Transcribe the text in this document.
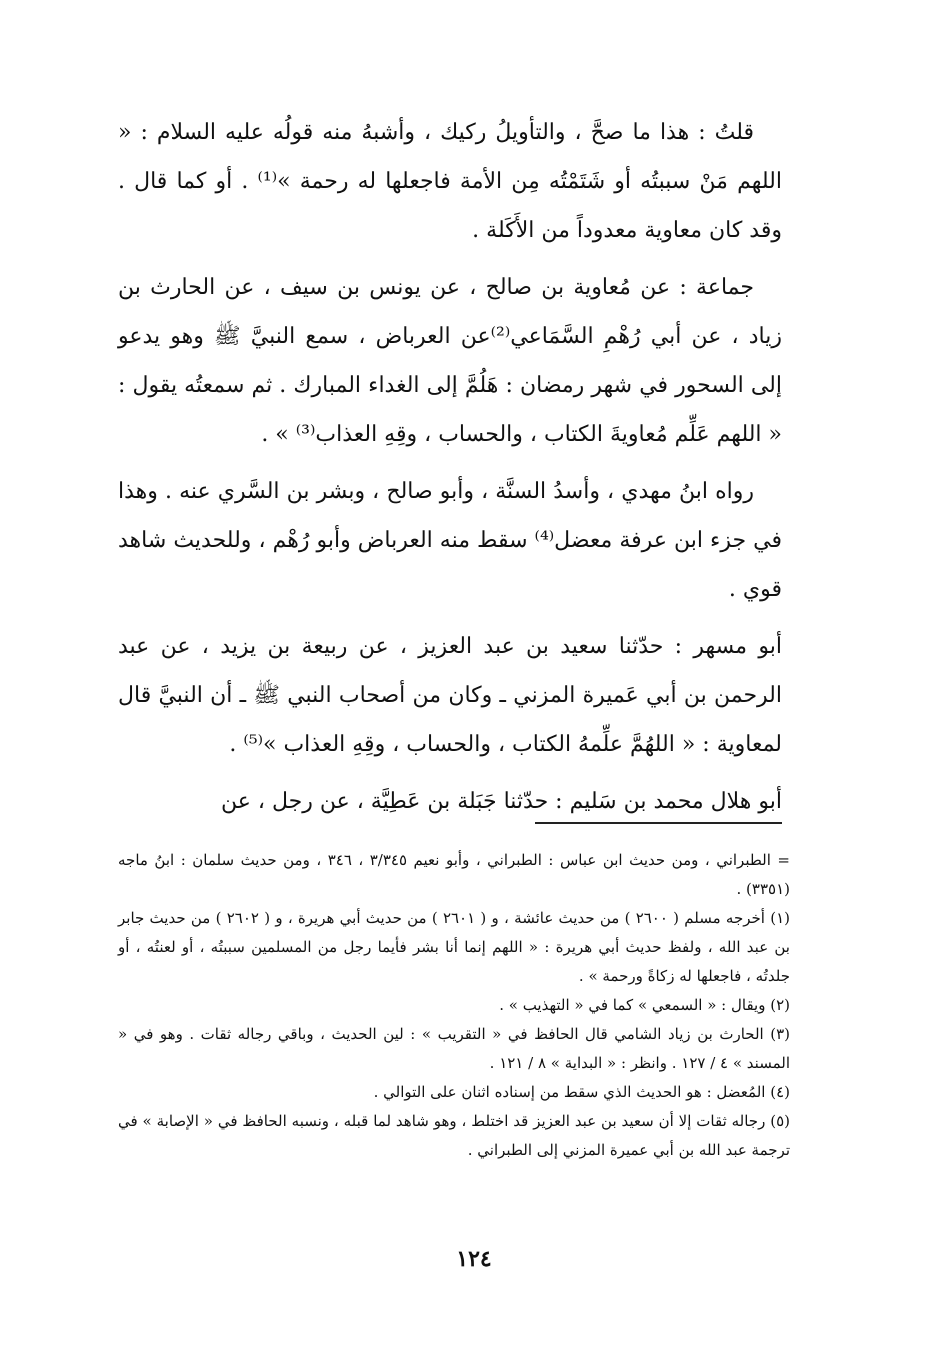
قلتُ : هذا ما صحَّ ، والتأويلُ ركيك ، وأشبهُ منه قولُه عليه السلام : « اللهم مَنْ سببتُه أو شَتَمْتُه مِن الأمة فاجعلها له رحمة »⁽¹⁾ . أو كما قال . وقد كان معاوية معدوداً من الأَكَلة .

جماعة : عن مُعاوية بن صالح ، عن يونس بن سيف ، عن الحارث بن زياد ، عن أبي رُهْمِ السَّمَاعي⁽²⁾عن العرباض ، سمع النبيَّ ﷺ وهو يدعو إلى السحور في شهر رمضان : هَلُمَّ إلى الغداء المبارك . ثم سمعتُه يقول : « اللهم عَلِّم مُعاويةَ الكتاب ، والحساب ، وقِهِ العذاب⁽³⁾ » .

رواه ابنُ مهدي ، وأسدُ السنَّة ، وأبو صالح ، وبشر بن السَّري عنه . وهذا في جزء ابن عرفة معضل⁽⁴⁾ سقط منه العرباض وأبو رُهْم ، وللحديث شاهد قوي .

أبو مسهر : حدّثنا سعيد بن عبد العزيز ، عن ربيعة بن يزيد ، عن عبد الرحمن بن أبي عَميرة المزني ـ وكان من أصحاب النبي ﷺ ـ أن النبيَّ قال لمعاوية : « اللهُمَّ علِّمهُ الكتاب ، والحساب ، وقِهِ العذاب »⁽⁵⁾ .

أبو هلال محمد بن سَليم : حدّثنا جَبَلة بن عَطِيَّة ، عن رجل ، عن

= الطبراني ، ومن حديث ابن عباس : الطبراني ، وأبو نعيم ٣/٣٤٥ ، ٣٤٦ ، ومن حديث سلمان : ابنُ ماجه (٣٣٥١) .

(١) أخرجه مسلم ( ٢٦٠٠ ) من حديث عائشة ، و ( ٢٦٠١ ) من حديث أبي هريرة ، و ( ٢٦٠٢ ) من حديث جابر بن عبد الله ، ولفظ حديث أبي هريرة : « اللهم إنما أنا بشر فأيما رجل من المسلمين سببتُه ، أو لعنتُه ، أو جلدتُه ، فاجعلها له زكاةً ورحمة » .

(٢) ويقال : « السمعي » كما في « التهذيب » .

(٣) الحارث بن زياد الشامي قال الحافظ في « التقريب » : لين الحديث ، وباقي رجاله ثقات . وهو في « المسند » ٤ / ١٢٧ . وانظر : « البداية » ٨ / ١٢١ .

(٤) المُعضل : هو الحديث الذي سقط من إسناده اثنان على التوالي .

(٥) رجاله ثقات إلا أن سعيد بن عبد العزيز قد اختلط ، وهو شاهد لما قبله ، ونسبه الحافظ في « الإصابة » في ترجمة عبد الله بن أبي عميرة المزني إلى الطبراني .

١٢٤
